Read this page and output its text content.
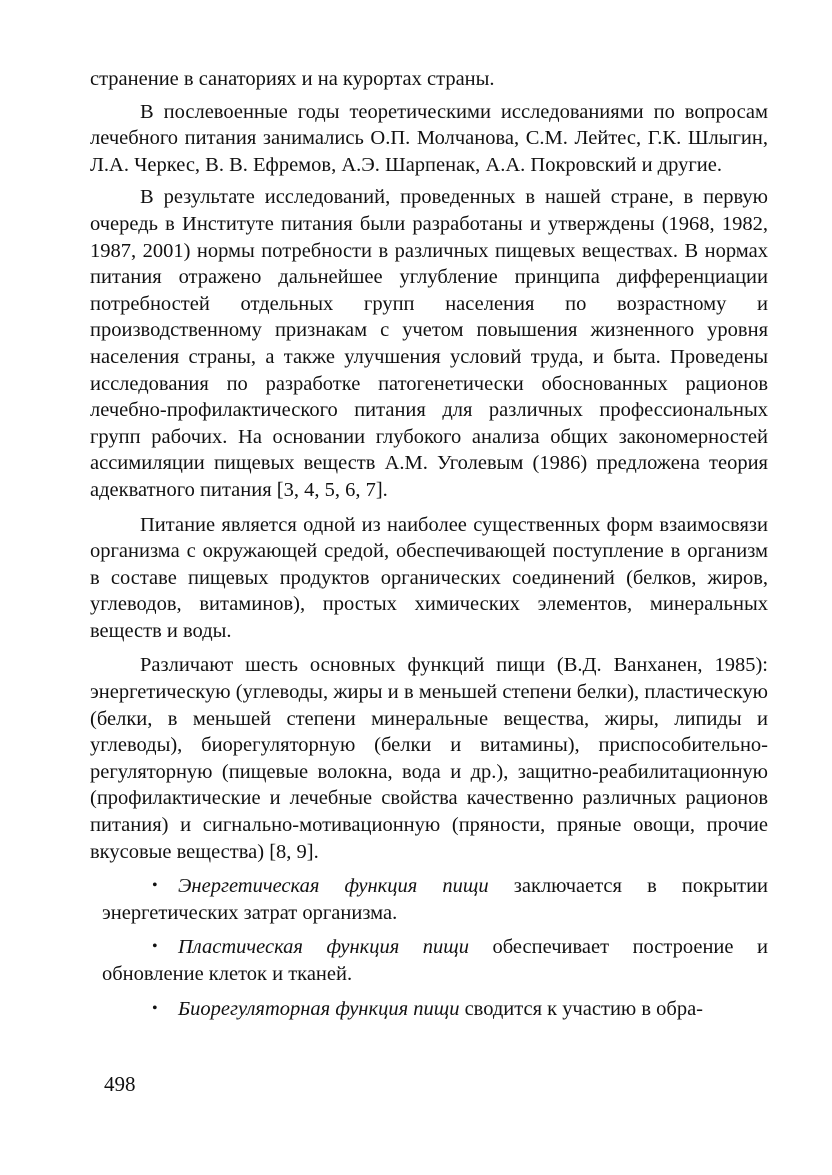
странение в санаториях и на курортах страны.

В послевоенные годы теоретическими исследованиями по вопросам лечебного питания занимались О.П. Молчанова, С.М. Лейтес, Г.К. Шлыгин, Л.А. Черкес, В. В. Ефремов, А.Э. Шарпенак, А.А. Покровский и другие.

В результате исследований, проведенных в нашей стране, в первую очередь в Институте питания были разработаны и утверждены (1968, 1982, 1987, 2001) нормы потребности в различных пищевых веществах. В нормах питания отражено дальнейшее углубление принципа дифференциации потребностей отдельных групп населения по возрастному и производственному признакам с учетом повышения жизненного уровня населения страны, а также улучшения условий труда, и быта. Проведены исследования по разработке патогенетически обоснованных рационов лечебно-профилактического питания для различных профессиональных групп рабочих. На основании глубокого анализа общих закономерностей ассимиляции пищевых веществ А.М. Уголевым (1986) предложена теория адекватного питания [3, 4, 5, 6, 7].

Питание является одной из наиболее существенных форм взаимосвязи организма с окружающей средой, обеспечивающей поступление в организм в составе пищевых продуктов органических соединений (белков, жиров, углеводов, витаминов), простых химических элементов, минеральных веществ и воды.

Различают шесть основных функций пищи (В.Д. Ванханен, 1985): энергетическую (углеводы, жиры и в меньшей степени белки), пластическую (белки, в меньшей степени минеральные вещества, жиры, липиды и углеводы), биорегуляторную (белки и витамины), приспособительно-регуляторную (пищевые волокна, вода и др.), защитно-реабилитационную (профилактические и лечебные свойства качественно различных рационов питания) и сигнально-мотивационную (пряности, пряные овощи, прочие вкусовые вещества) [8, 9].

• Энергетическая функция пищи заключается в покрытии энергетических затрат организма.

• Пластическая функция пищи обеспечивает построение и обновление клеток и тканей.

• Биорегуляторная функция пищи сводится к участию в обра-

498
